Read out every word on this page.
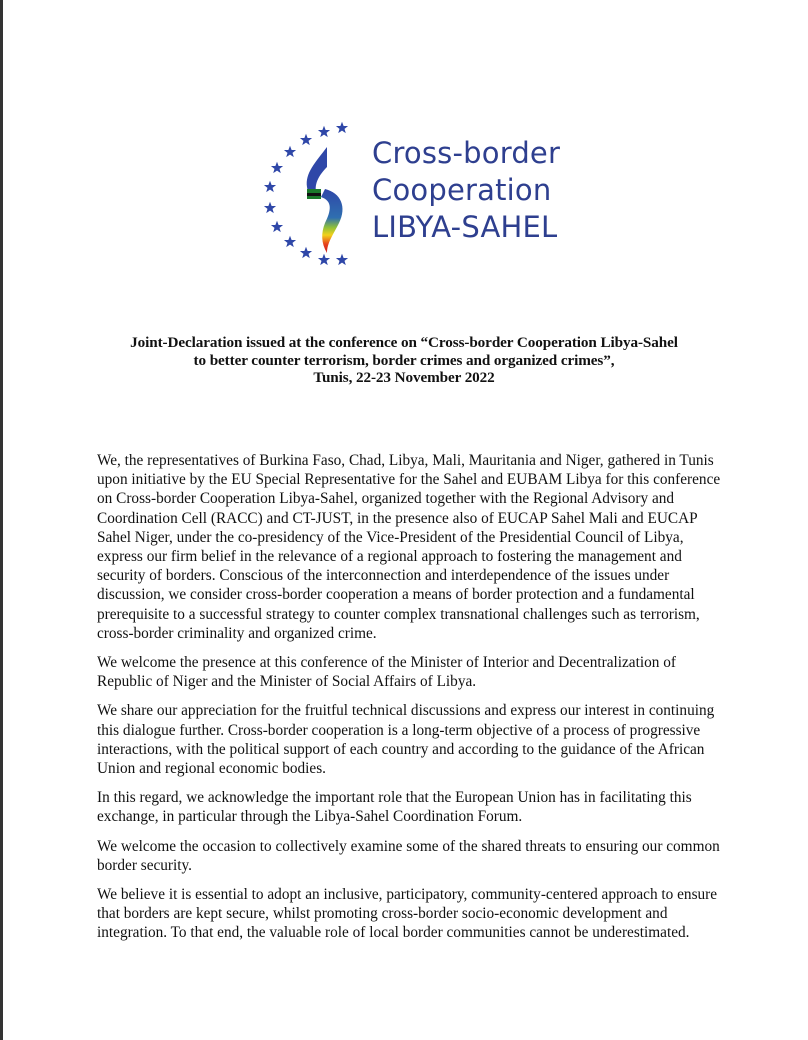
Cross-border
Cooperation
LIBYA-SAHEL
Joint-Declaration issued at the conference on “Cross-border Cooperation Libya-Sahel
to better counter terrorism, border crimes and organized crimes”,
Tunis, 22-23 November 2022

We, the representatives of Burkina Faso, Chad, Libya, Mali, Mauritania and Niger, gathered in Tunis upon initiative by the EU Special Representative for the Sahel and EUBAM Libya for this conference on Cross-border Cooperation Libya-Sahel, organized together with the Regional Advisory and Coordination Cell (RACC) and CT-JUST, in the presence also of EUCAP Sahel Mali and EUCAP Sahel Niger, under the co-presidency of the Vice-President of the Presidential Council of Libya, express our firm belief in the relevance of a regional approach to fostering the management and security of borders. Conscious of the interconnection and interdependence of the issues under discussion, we consider cross-border cooperation a means of border protection and a fundamental prerequisite to a successful strategy to counter complex transnational challenges such as terrorism, cross-border criminality and organized crime.

We welcome the presence at this conference of the Minister of Interior and Decentralization of Republic of Niger and the Minister of Social Affairs of Libya.

We share our appreciation for the fruitful technical discussions and express our interest in continuing this dialogue further. Cross-border cooperation is a long-term objective of a process of progressive interactions, with the political support of each country and according to the guidance of the African Union and regional economic bodies.

In this regard, we acknowledge the important role that the European Union has in facilitating this exchange, in particular through the Libya-Sahel Coordination Forum.

We welcome the occasion to collectively examine some of the shared threats to ensuring our common border security.

We believe it is essential to adopt an inclusive, participatory, community-centered approach to ensure that borders are kept secure, whilst promoting cross-border socio-economic development and integration. To that end, the valuable role of local border communities cannot be underestimated.
